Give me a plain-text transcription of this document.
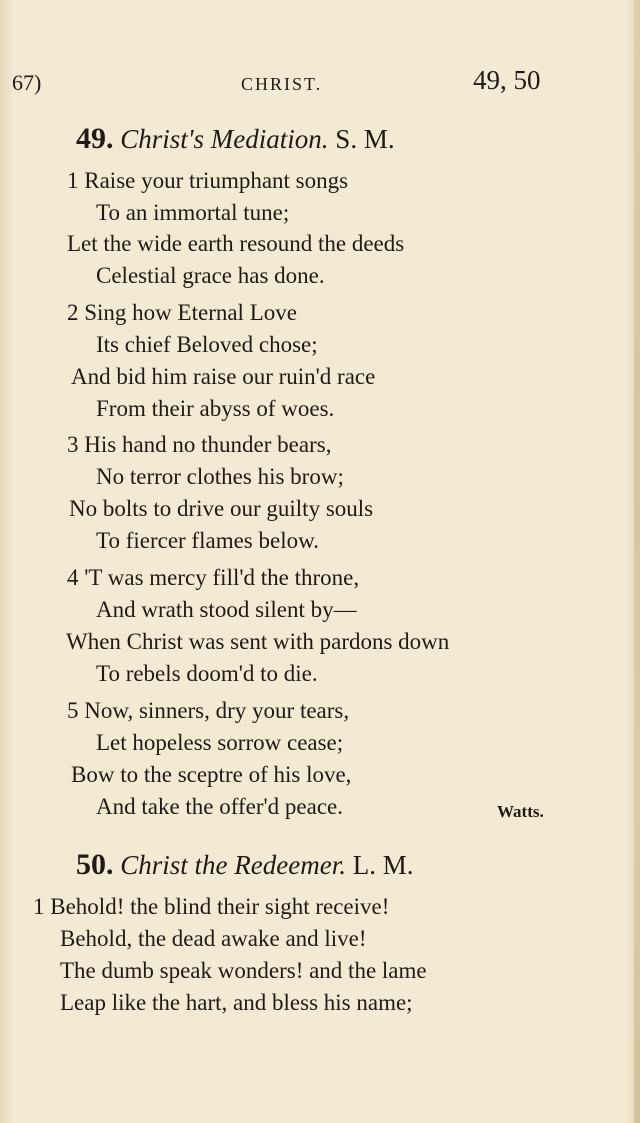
67)	CHRIST.	49, 50
49. Christ's Mediation. S. M.
1 Raise your triumphant songs
To an immortal tune;
Let the wide earth resound the deeds
Celestial grace has done.
2 Sing how Eternal Love
Its chief Beloved chose;
And bid him raise our ruin'd race
From their abyss of woes.
3 His hand no thunder bears,
No terror clothes his brow;
No bolts to drive our guilty souls
To fiercer flames below.
4 'T was mercy fill'd the throne,
And wrath stood silent by—
When Christ was sent with pardons down
To rebels doom'd to die.
5 Now, sinners, dry your tears,
Let hopeless sorrow cease;
Bow to the sceptre of his love,
And take the offer'd peace.	Watts.
50. Christ the Redeemer. L. M.
1 Behold! the blind their sight receive!
Behold, the dead awake and live!
The dumb speak wonders! and the lame
Leap like the hart, and bless his name;
